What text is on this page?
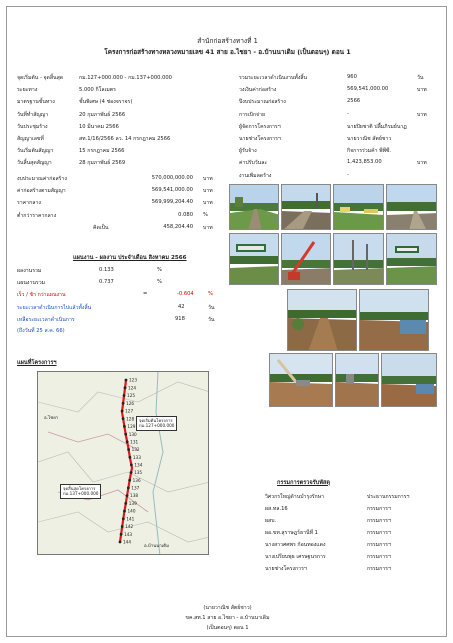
สำนักก่อสร้างทางที่ 1
โครงการก่อสร้างทางหลวงหมายเลข 41 สาย อ.ไชยา - อ.บ้านนาเดิม (เป็นตอนๆ) ตอน 1
จุดเริ่มต้น - จุดสิ้นสุด	กม.127+000.000 - กม.137+000.000
ระยะทาง	5.000 กิโลเมตร
มาตรฐานชั้นทาง	ชั้นพิเศษ (4 ช่องจราจร)
วันที่ทำสัญญา	20 กุมภาพันธ์ 2566
วันประชุมร้าง	10 มีนาคม 2566
สัญญาเลขที่	สท.1/16/2566 ลว. 14 กรกฎาคม 2566
วันเริ่มต้นสัญญา	15 กรกฎาคม 2566
วันสิ้นสุดสัญญา	28 กุมภาพันธ์ 2569
รวมระยะเวลาดำเนินงานทั้งสิ้น	960	วัน
วงเงินค่าก่อสร้าง	569,541,000.00	บาท
ปีงบประมาณก่อสร้าง	2566
การเบิกจ่าย	-	บาท
ผู้จัดการโครงการฯ	นายปิยชาติ ปลื้มภิรมย์นาฏ
นายช่างโครงการฯ	นายวาณิช สัตย์ชาว
ผู้รับจ้าง	กิจการร่วมค้า พีพีซี.
ค่าปรับวันละ	1,423,853.00	บาท
งานเพิ่มลดร้าง	-
งบประมาณค่าก่อสร้าง	570,000,000.00 บาท
ค่าก่อสร้างตามสัญญา	569,541,000.00 บาท
ราคากลาง	569,999,204.40 บาท
ต่ำกว่าราคากลาง	0.080 %
คิดเป็น	458,204.40 บาท
แผนงาน - ผลงาน ประจำเดือน สิงหาคม 2566
ผลงานรวม	0.133	%
แผนงานรวม	0.737	%
เร็ว / ช้า กว่าแผนงาน	=	-0.604	%
ระยะเวลาดำเนินการไปแล้วทั้งสิ้น	42	วัน
เหลือระยะเวลาดำเนินการ	918	วัน
(ถึงวันที่ 25 ส.ค. 66)
แผนที่โครงการฯ
123
124
125
126
127
128
129
130
131
132
133
134
135
136
137
138
139
140
141
142
143
144
อ.ไชยา
อ.บ้านนาเดิม
จุดเริ่มต้นโครงการ
กม.127+000.000
จุดสิ้นสุดโครงการ
กม.137+000.000
กรรมการตรวจรับพัสดุ
วิศวกรใหญ่ด้านบำรุงรักษา	ประธานกรรมการฯ
ผส.ทล.16	กรรมการฯ
ผสบ.	กรรมการฯ
ผอ.ขท.สุราษฎร์ธานีที่ 1	กรรมการฯ
นางสาวศศพร ก้อนทองแดง	กรรมการฯ
นางเปรียบพุธ เศรษฐนรการ	กรรมการฯ
นายช่างโครงการฯ	กรรมการฯ
(นายวาณิช สัตย์ชาว)
ขค.สท.1 สาย อ.ไชยา - อ.บ้านนาเดิม
(เป็นตอนๆ) ตอน 1
